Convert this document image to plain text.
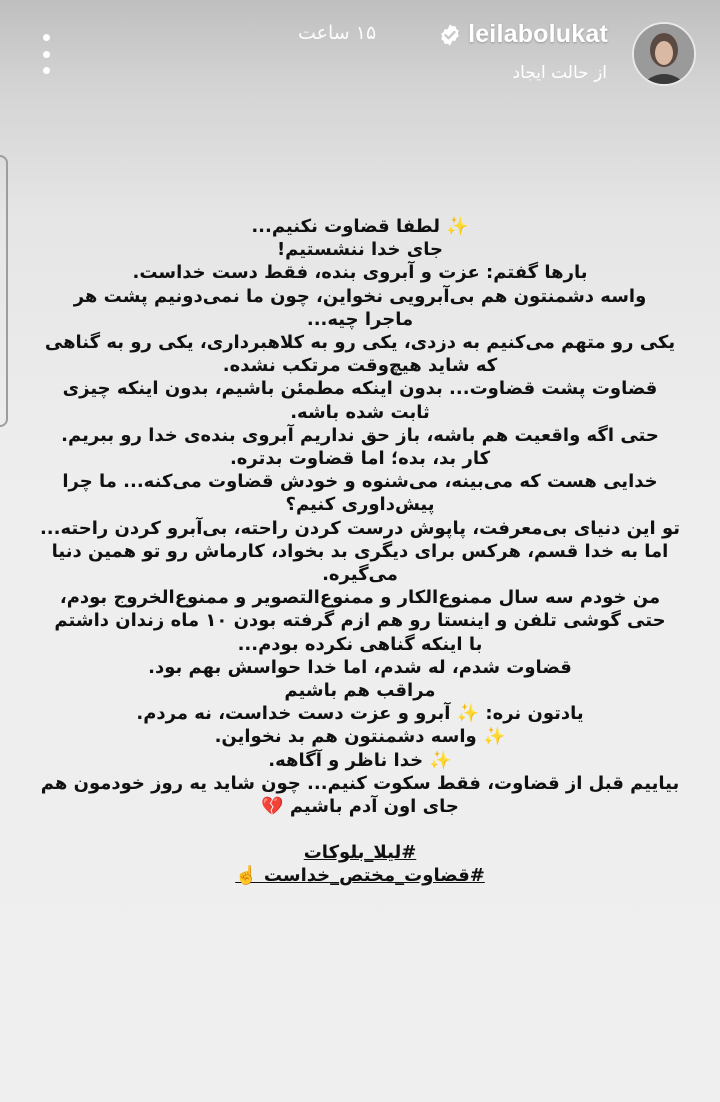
leilabolukat
۱۵ ساعت
از حالت ایجاد
✨ لطفا قضاوت نکنیم...
جای خدا ننشستیم!
بارها گفتم: عزت و آبروی بنده، فقط دست خداست.
واسه دشمنتون هم بی‌آبرویی نخواین، چون ما نمی‌دونیم پشت هر
ماجرا چیه...
یکی رو متهم می‌کنیم به دزدی، یکی رو به کلاهبرداری، یکی رو به گناهی
که شاید هیچ‌وقت مرتکب نشده.
قضاوت پشت قضاوت... بدون اینکه مطمئن باشیم، بدون اینکه چیزی
ثابت شده باشه.
حتی اگه واقعیت هم باشه، باز حق نداریم آبروی بنده‌ی خدا رو ببریم.
کار بد، بده؛ اما قضاوت بدتره.
خدایی هست که می‌بینه، می‌شنوه و خودش قضاوت می‌کنه... ما چرا
پیش‌داوری کنیم؟
تو این دنیای بی‌معرفت، پاپوش درست کردن راحته، بی‌آبرو کردن راحته...
اما به خدا قسم، هرکس برای دیگری بد بخواد، کارماش رو تو همین دنیا
می‌گیره.
من خودم سه سال ممنوع‌الکار و ممنوع‌التصویر و ممنوع‌الخروج بودم،
حتی گوشی تلفن و اینستا رو هم ازم گرفته بودن ۱۰ ماه زندان داشتم
با اینکه گناهی نکرده بودم...
قضاوت شدم، له شدم، اما خدا حواسش بهم بود.
مراقب هم باشیم
یادتون نره: ✨ آبرو و عزت دست خداست، نه مردم.
✨ واسه دشمنتون هم بد نخواین.
✨ خدا ناظر و آگاهه.
بیاییم قبل از قضاوت، فقط سکوت کنیم... چون شاید یه روز خودمون هم
جای اون آدم باشیم 💔
#لیلا_بلوکات
#قضاوت_مختص_خداست ☝️
